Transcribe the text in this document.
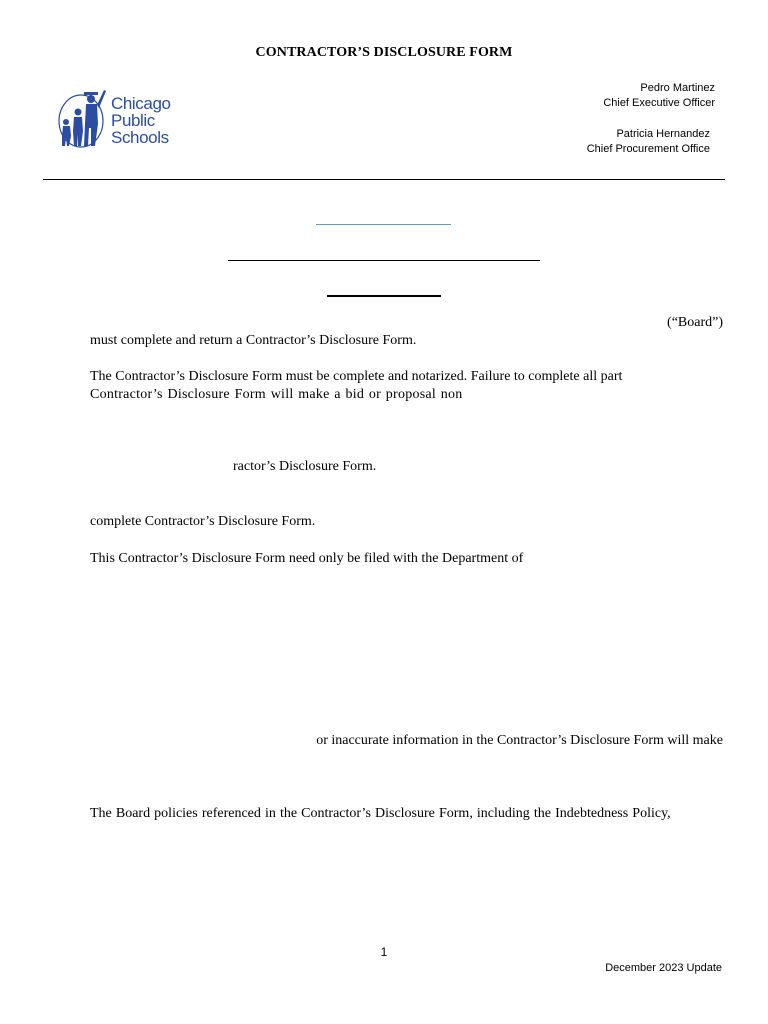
CONTRACTOR’S DISCLOSURE FORM
Chicago
Public
Schools
Pedro Martinez
Chief Executive Officer
Patricia Hernandez
Chief Procurement Office
(“Board”)
must complete and return a Contractor’s Disclosure Form.
The Contractor’s Disclosure Form must be complete and notarized. Failure to complete all part
Contractor’s Disclosure Form will make a bid or proposal non
ractor’s Disclosure Form.
complete Contractor’s Disclosure Form.
This Contractor’s Disclosure Form need only be filed with the Department of
or inaccurate information in the Contractor’s Disclosure Form will make
The Board policies referenced in the Contractor’s Disclosure Form, including the Indebtedness Policy,
1
December 2023 Update
